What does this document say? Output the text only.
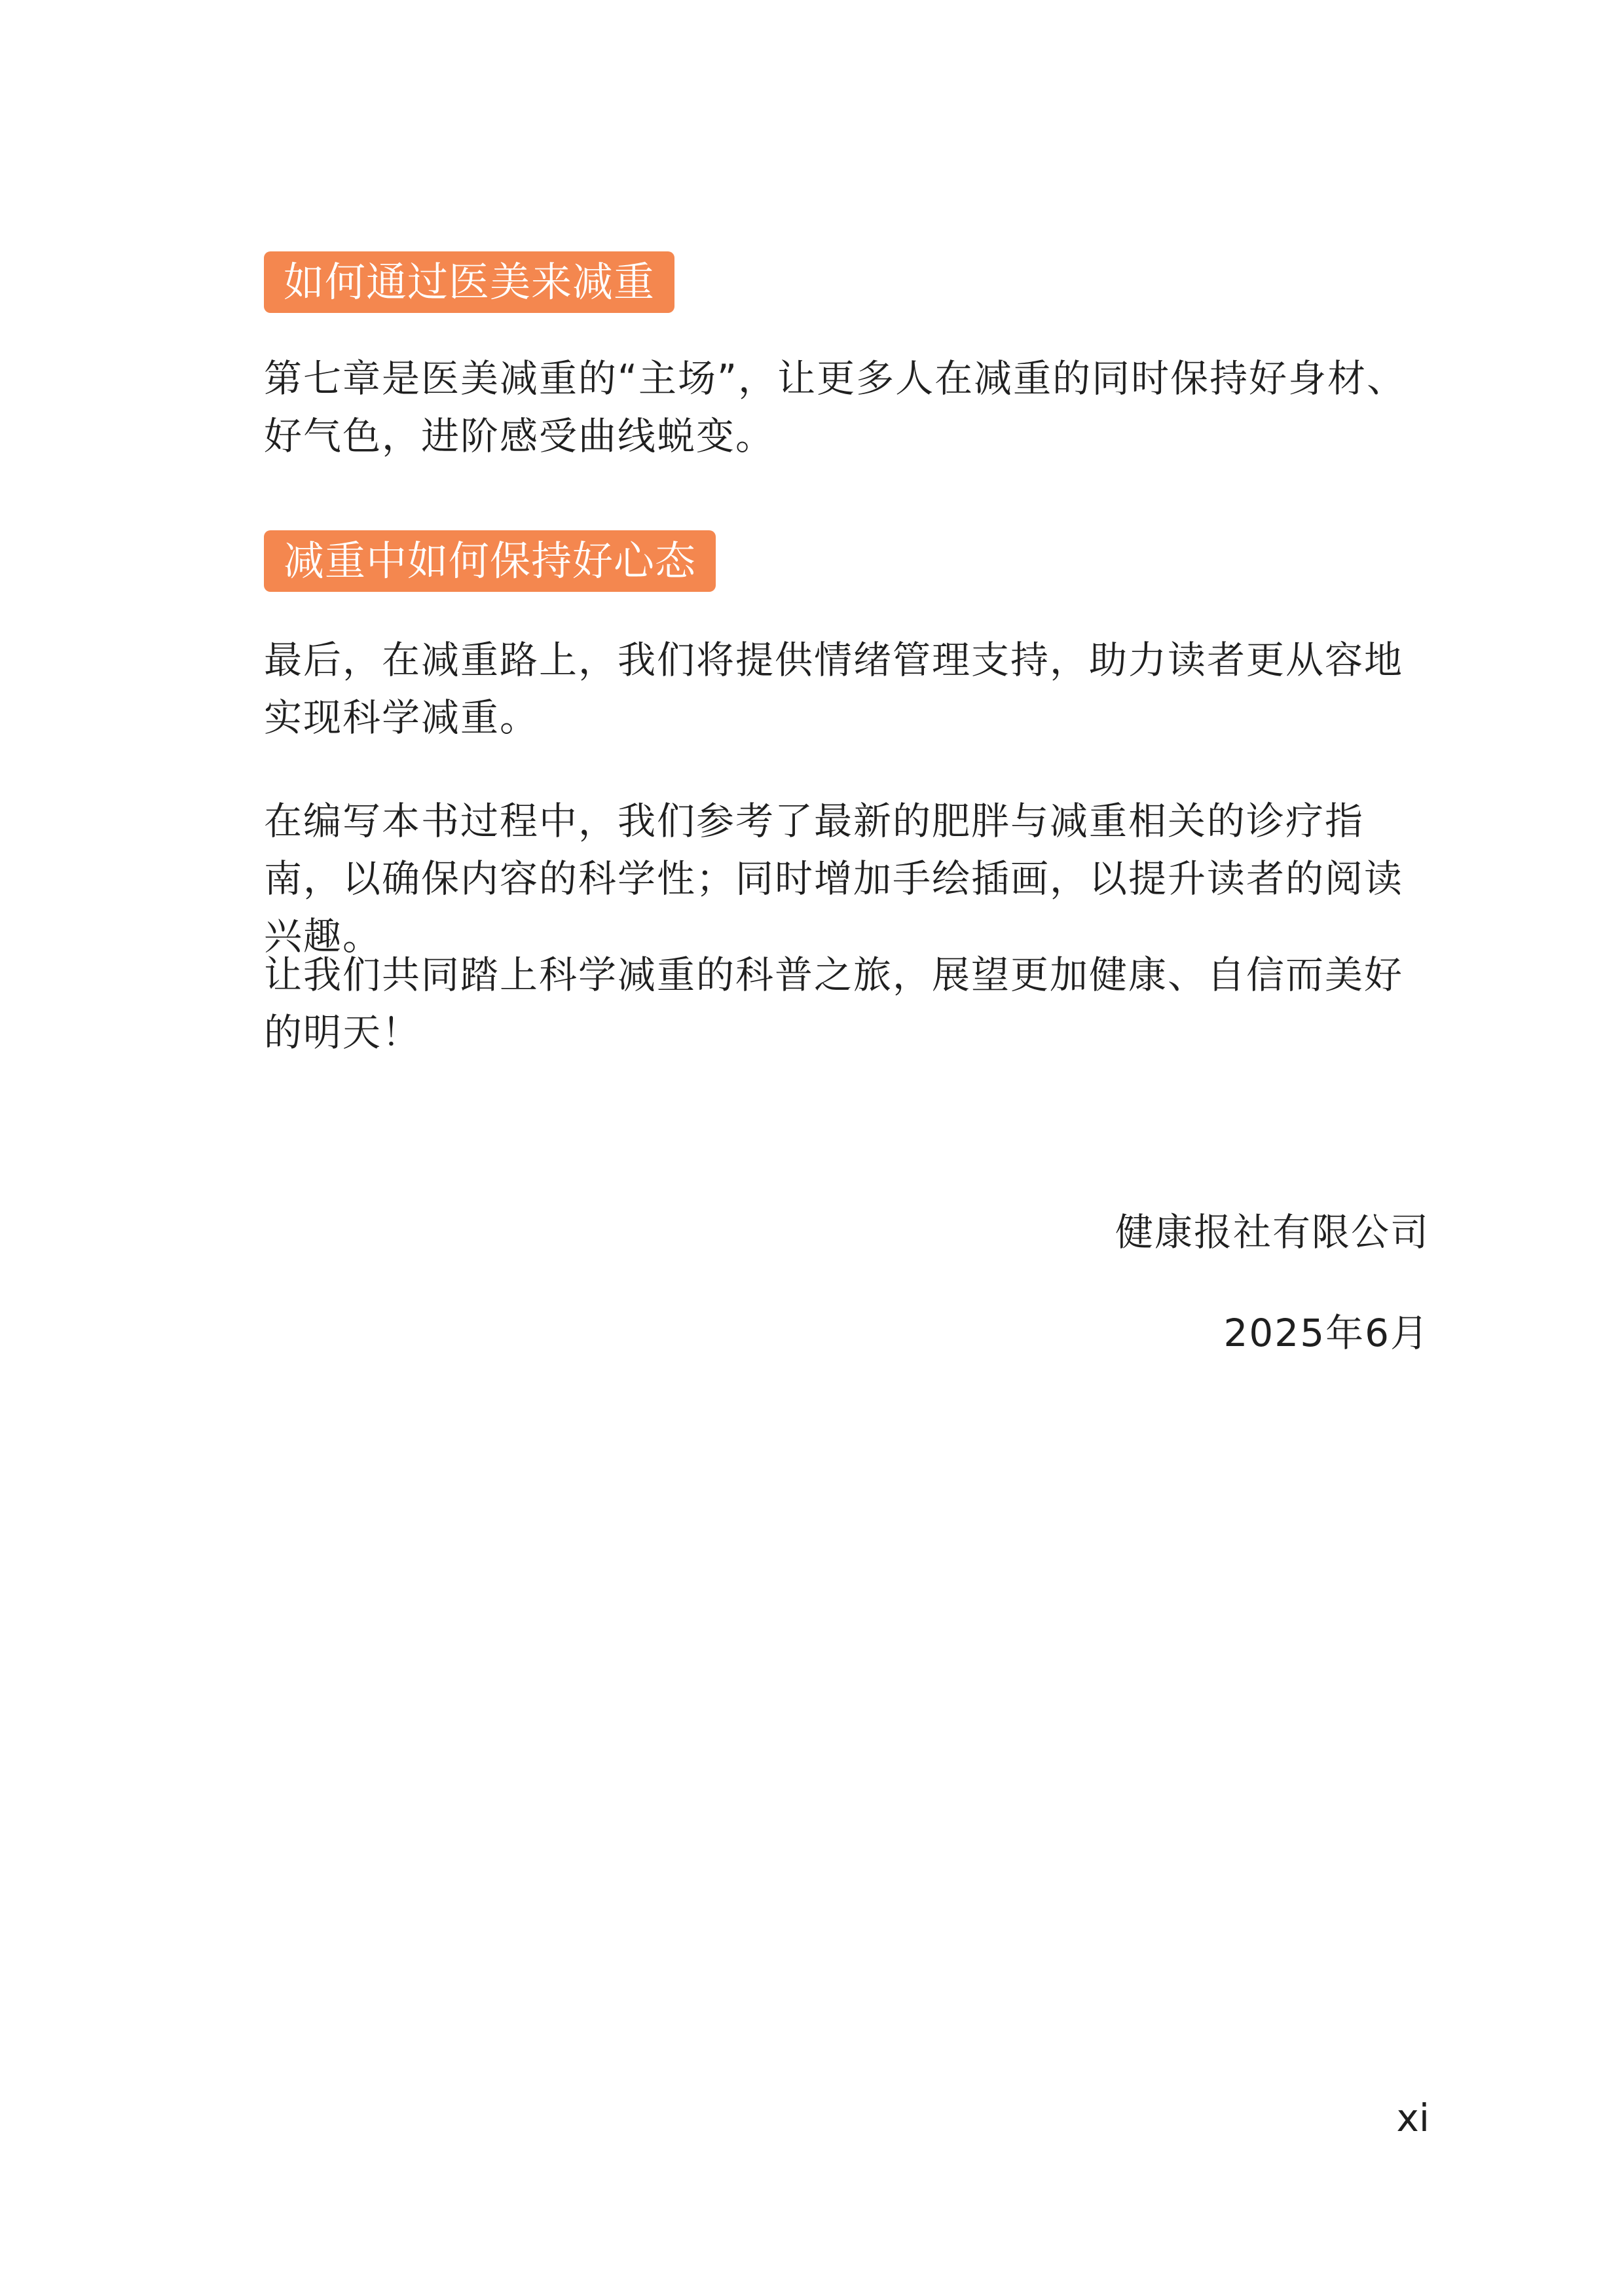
如何通过医美来减重

第七章是医美减重的“主场”，让更多人在减重的同时保持好身材、好气色，进阶感受曲线蜕变。

减重中如何保持好心态

最后，在减重路上，我们将提供情绪管理支持，助力读者更从容地实现科学减重。

在编写本书过程中，我们参考了最新的肥胖与减重相关的诊疗指南，以确保内容的科学性；同时增加手绘插画，以提升读者的阅读兴趣。

让我们共同踏上科学减重的科普之旅，展望更加健康、自信而美好的明天！

健康报社有限公司
2025年6月
xi
